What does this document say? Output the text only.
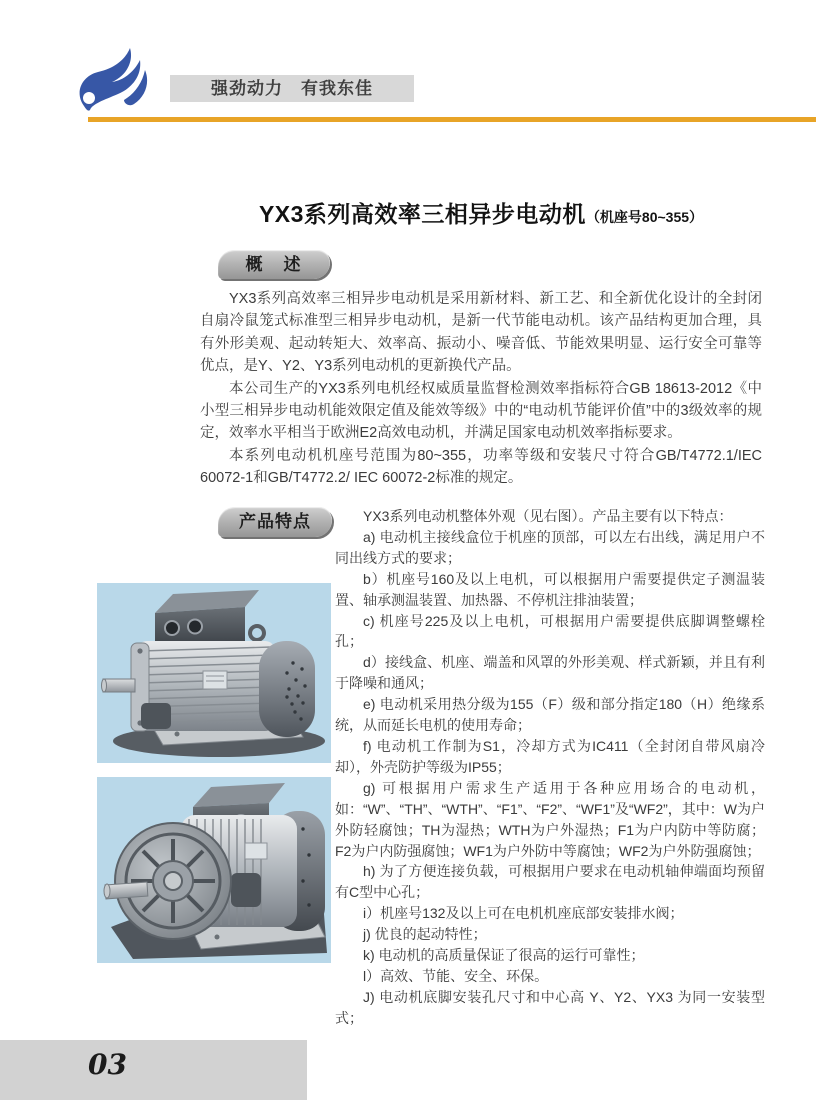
强劲动力　有我东佳
YX3系列高效率三相异步电动机（机座号80~355）
概　述

YX3系列高效率三相异步电动机是采用新材料、新工艺、和全新优化设计的全封闭自扇冷鼠笼式标准型三相异步电动机，是新一代节能电动机。该产品结构更加合理，具有外形美观、起动转矩大、效率高、振动小、噪音低、节能效果明显、运行安全可靠等优点，是Y、Y2、Y3系列电动机的更新换代产品。

本公司生产的YX3系列电机经权威质量监督检测效率指标符合GB 18613-2012《中小型三相异步电动机能效限定值及能效等级》中的“电动机节能评价值”中的3级效率的规定，效率水平相当于欧洲E2高效电动机，并满足国家电动机效率指标要求。

本系列电动机机座号范围为80~355，功率等级和安装尺寸符合GB/T4772.1/IEC 60072-1和GB/T4772.2/ IEC 60072-2标准的规定。

产品特点	YX3系列电动机整体外观（见右图）。产品主要有以下特点：

a) 电动机主接线盒位于机座的顶部，可以左右出线，满足用户不同出线方式的要求；

b）机座号160及以上电机，可以根据用户需要提供定子测温装置、轴承测温装置、加热器、不停机注排油装置；

c) 机座号225及以上电机，可根据用户需要提供底脚调整螺栓孔；

d）接线盒、机座、端盖和风罩的外形美观、样式新颖，并且有利于降噪和通风；

e) 电动机采用热分级为155（F）级和部分指定180（H）绝缘系统，从而延长电机的使用寿命；

f) 电动机工作制为S1，冷却方式为IC411（全封闭自带风扇冷却），外壳防护等级为IP55；

g) 可根据用户需求生产适用于各种应用场合的电动机，如：“W”、“TH”、“WTH”、“F1”、“F2”、“WF1”及“WF2”，其中：W为户外防轻腐蚀；TH为湿热；WTH为户外湿热；F1为户内防中等防腐；F2为户内防强腐蚀；WF1为户外防中等腐蚀；WF2为户外防强腐蚀；

h) 为了方便连接负载，可根据用户要求在电动机轴伸端面均预留有C型中心孔；

i）机座号132及以上可在电机机座底部安装排水阀；

j) 优良的起动特性；

k) 电动机的高质量保证了很高的运行可靠性；

l）高效、节能、安全、环保。

J) 电动机底脚安装孔尺寸和中心高 Y、Y2、YX3 为同一安装型式；

03
